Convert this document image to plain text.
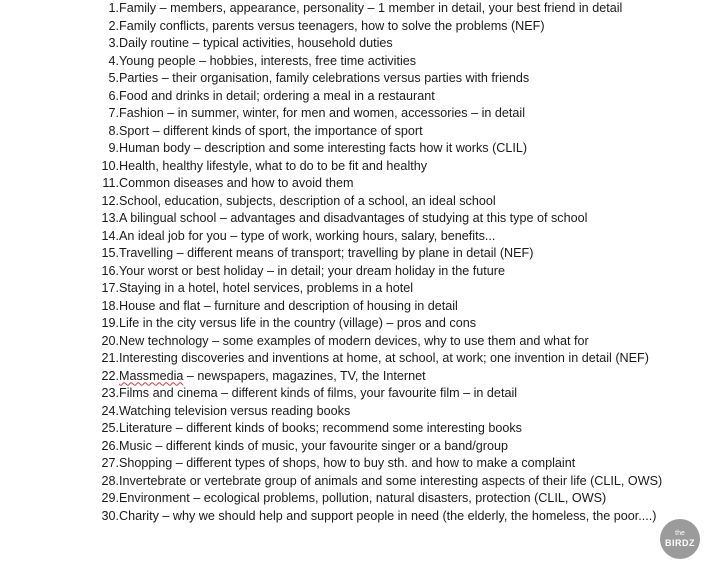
1. Family – members, appearance, personality – 1 member in detail, your best friend in detail
2. Family conflicts, parents versus teenagers, how to solve the problems (NEF)
3. Daily routine – typical activities, household duties
4. Young people – hobbies, interests, free time activities
5. Parties – their organisation, family celebrations versus parties with friends
6. Food and drinks in detail; ordering a meal in a restaurant
7. Fashion – in summer, winter, for men and women, accessories – in detail
8. Sport – different kinds of sport, the importance of sport
9. Human body – description and some interesting facts how it works (CLIL)
10. Health, healthy lifestyle, what to do to be fit and healthy
11. Common diseases and how to avoid them
12. School, education, subjects, description of a school, an ideal school
13. A bilingual school – advantages and disadvantages of studying at this type of school
14. An ideal job for you – type of work, working hours, salary, benefits...
15. Travelling – different means of transport; travelling by plane in detail (NEF)
16. Your worst or best holiday – in detail; your dream holiday in the future
17. Staying in a hotel, hotel services, problems in a hotel
18. House and flat – furniture and description of housing in detail
19. Life in the city versus life in the country (village) – pros and cons
20. New technology – some examples of modern devices, why to use them and what for
21. Interesting discoveries and inventions at home, at school, at work; one invention in detail (NEF)
22. Massmedia – newspapers, magazines, TV, the Internet
23. Films and cinema – different kinds of films, your favourite film – in detail
24. Watching television versus reading books
25. Literature – different kinds of books; recommend some interesting books
26. Music – different kinds of music, your favourite singer or a band/group
27. Shopping – different types of shops, how to buy sth. and how to make a complaint
28. Invertebrate or vertebrate group of animals and some interesting aspects of their life (CLIL, OWS)
29. Environment – ecological problems, pollution, natural disasters, protection (CLIL, OWS)
30. Charity – why we should help and support people in need (the elderly, the homeless, the poor....)
the
BIRDZ
